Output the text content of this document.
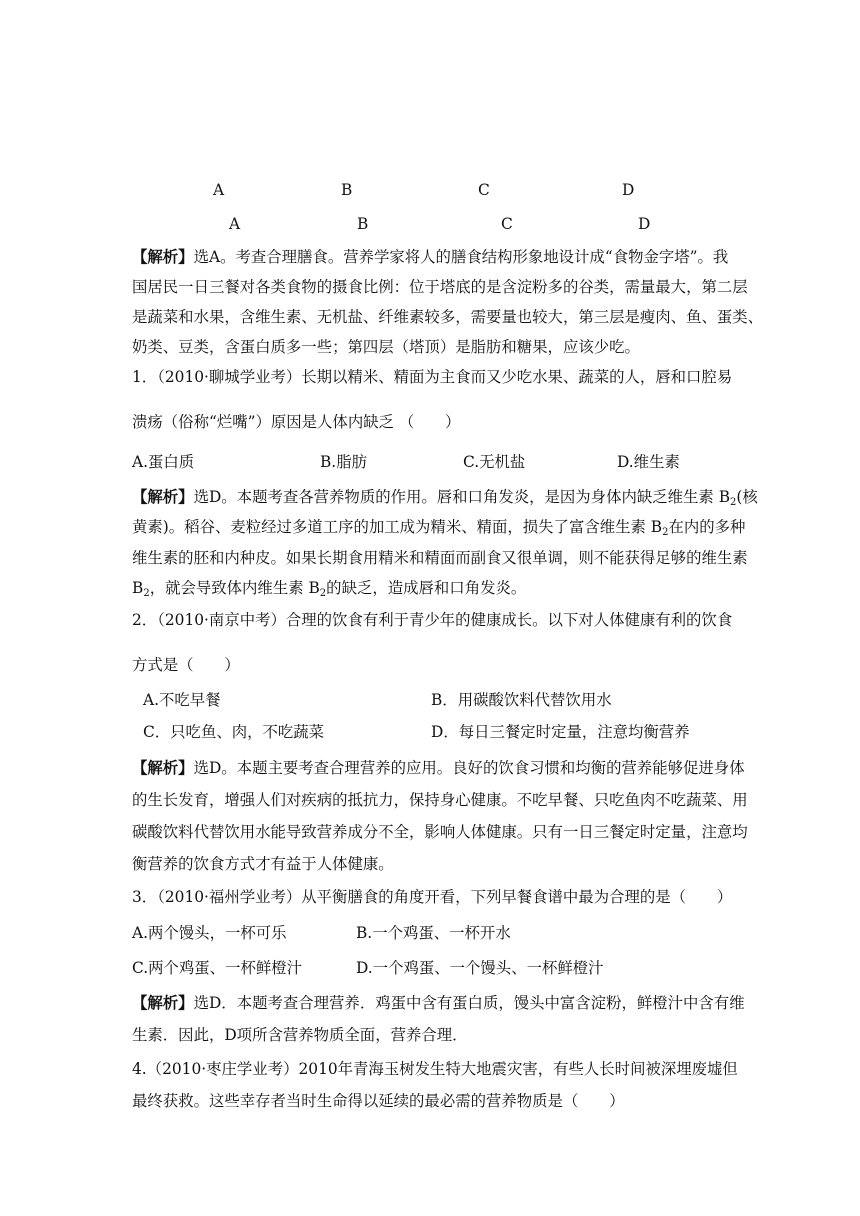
A	B	C	D
A	B	C	D
【解析】选A。考查合理膳食。营养学家将人的膳食结构形象地设计成“食物金字塔”。我
国居民一日三餐对各类食物的摄食比例：位于塔底的是含淀粉多的谷类，需量最大，第二层
是蔬菜和水果，含维生素、无机盐、纤维素较多，需要量也较大，第三层是瘦肉、鱼、蛋类、
奶类、豆类，含蛋白质多一些；第四层（塔顶）是脂肪和糖果，应该少吃。
1．（2010·聊城学业考）长期以精米、精面为主食而又少吃水果、蔬菜的人，唇和口腔易
溃疡（俗称“烂嘴”）原因是人体内缺乏 （　　）
A.蛋白质	B.脂肪	C.无机盐	D.维生素
【解析】选D。本题考查各营养物质的作用。唇和口角发炎，是因为身体内缺乏维生素 $B_2$(核
黄素)。稻谷、麦粒经过多道工序的加工成为精米、精面，损失了富含维生素 $B_2$在内的多种
维生素的胚和内种皮。如果长期食用精米和精面而副食又很单调，则不能获得足够的维生素
$B_2$，就会导致体内维生素 $B_2$的缺乏，造成唇和口角发炎。
2．（2010·南京中考）合理的饮食有利于青少年的健康成长。以下对人体健康有利的饮食
方式是（　　）
A.不吃早餐	B．用碳酸饮料代替饮用水
C．只吃鱼、肉，不吃蔬菜	D．每日三餐定时定量，注意均衡营养
【解析】选D。本题主要考查合理营养的应用。良好的饮食习惯和均衡的营养能够促进身体
的生长发育，增强人们对疾病的抵抗力，保持身心健康。不吃早餐、只吃鱼肉不吃蔬菜、用
碳酸饮料代替饮用水能导致营养成分不全，影响人体健康。只有一日三餐定时定量，注意均
衡营养的饮食方式才有益于人体健康。
3．（2010·福州学业考）从平衡膳食的角度开看，下列早餐食谱中最为合理的是（　　）
A.两个馒头，一杯可乐	B.一个鸡蛋、一杯开水
C.两个鸡蛋、一杯鲜橙汁	D.一个鸡蛋、一个馒头、一杯鲜橙汁
【解析】选D．本题考查合理营养．鸡蛋中含有蛋白质，馒头中富含淀粉，鲜橙汁中含有维
生素．因此，D项所含营养物质全面，营养合理．
4.（2010·枣庄学业考）2010年青海玉树发生特大地震灾害，有些人长时间被深埋废墟但
最终获救。这些幸存者当时生命得以延续的最必需的营养物质是（　　）
